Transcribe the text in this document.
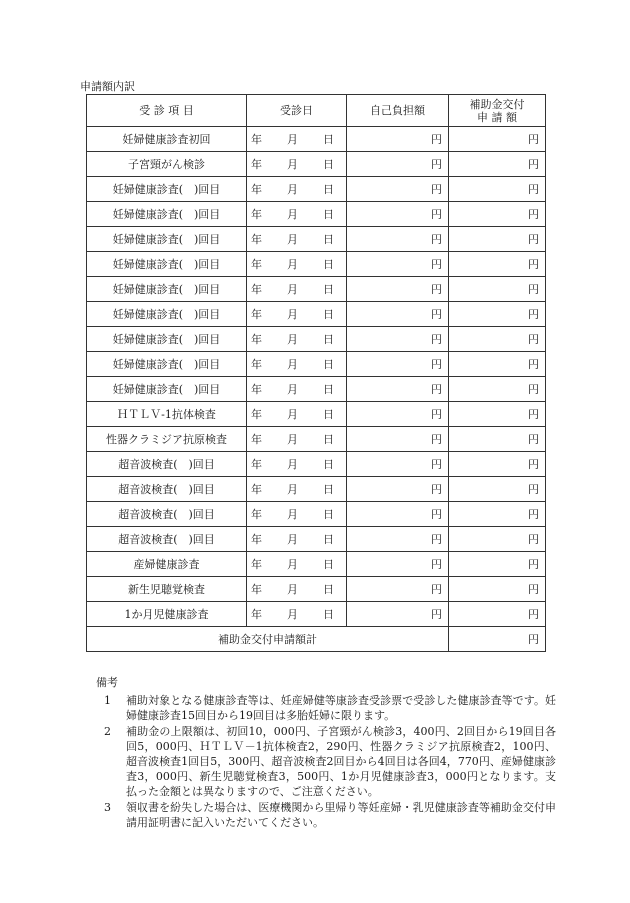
申請額内訳
受 診 項 目	受診日	自己負担額	補助金交付
申 請 額

妊婦健康診査初回	年 月 日	円	円
子宮頸がん検診	年 月 日	円	円
妊婦健康診査(　)回目	年 月 日	円	円
妊婦健康診査(　)回目	年 月 日	円	円
妊婦健康診査(　)回目	年 月 日	円	円
妊婦健康診査(　)回目	年 月 日	円	円
妊婦健康診査(　)回目	年 月 日	円	円
妊婦健康診査(　)回目	年 月 日	円	円
妊婦健康診査(　)回目	年 月 日	円	円
妊婦健康診査(　)回目	年 月 日	円	円
妊婦健康診査(　)回目	年 月 日	円	円
ＨＴＬＶ-1抗体検査	年 月 日	円	円
性器クラミジア抗原検査	年 月 日	円	円
超音波検査(　)回目	年 月 日	円	円
超音波検査(　)回目	年 月 日	円	円
超音波検査(　)回目	年 月 日	円	円
超音波検査(　)回目	年 月 日	円	円
産婦健康診査	年 月 日	円	円
新生児聴覚検査	年 月 日	円	円
1か月児健康診査	年 月 日	円	円
補助金交付申請額計			円
備考
1	補助対象となる健康診査等は、妊産婦健等康診査受診票で受診した健康診査等です。妊婦健康診査15回目から19回目は多胎妊婦に限ります。
2	補助金の上限額は、初回10，000円、子宮頸がん検診3，400円、2回目から19回目各回5，000円、ＨＴＬＶ－1抗体検査2，290円、性器クラミジア抗原検査2，100円、超音波検査1回目5，300円、超音波検査2回目から4回目は各回4，770円、産婦健康診査3，000円、新生児聴覚検査3，500円、1か月児健康診査3，000円となります。支払った金額とは異なりますので、ご注意ください。
3	領収書を紛失した場合は、医療機関から里帰り等妊産婦・乳児健康診査等補助金交付申請用証明書に記入いただいてください。
